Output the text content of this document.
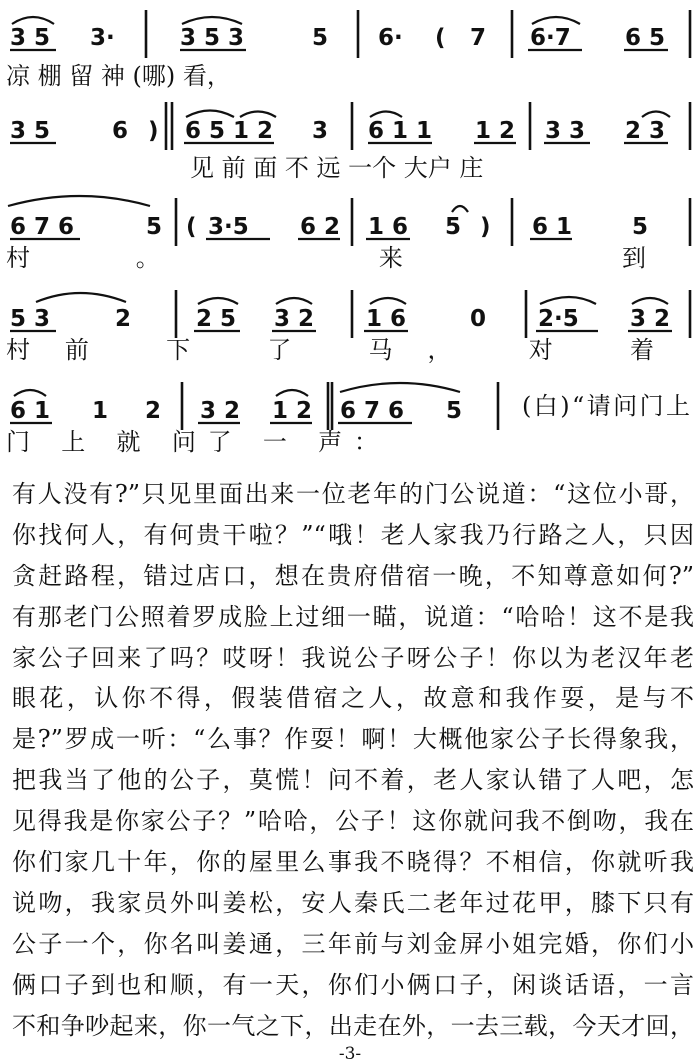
3 5 3·	3 5 3	5 6· ( 7 6·7 6 5
凉 棚 留 神 (哪) 看，
3 5	6 ) 6 5 1 2 3 6 1 1 1 2 3 3 2 3
见 前 面 不 远 一个 大户 庄
6 7 6	5 ( 3·5 6 2 1 6 5 ) 6 1	5
村。 来 到
5 3	2	2 5 3 2 1 6	0 2·5 3 2
村前 下 了 马， 对 着
6 1 1 2 3 2 1 2 6 7 6 5 (白)“请问门上
门 上 就 问了 一 声：

有人没有?”只见里面出来一位老年的门公说道：“这位小哥，

你找何人，有何贵干啦？”“哦！老人家我乃行路之人，只因

贪赶路程，错过店口，想在贵府借宿一晚，不知尊意如何?”

有那老门公照着罗成脸上过细一瞄，说道：“哈哈！这不是我

家公子回来了吗？哎呀！我说公子呀公子！你以为老汉年老

眼花，认你不得，假装借宿之人，故意和我作耍，是与不

是?”罗成一听：“么事？作耍！啊！大概他家公子长得象我，

把我当了他的公子，莫慌！问不着，老人家认错了人吧，怎

见得我是你家公子？”哈哈，公子！这你就问我不倒吻，我在

你们家几十年，你的屋里么事我不晓得？不相信，你就听我

说吻，我家员外叫姜松，安人秦氏二老年过花甲，膝下只有

公子一个，你名叫姜通，三年前与刘金屏小姐完婚，你们小

俩口子到也和顺，有一天，你们小俩口子，闲谈话语，一言

不和争吵起来，你一气之下，出走在外，一去三载，今天才回，

-3-
